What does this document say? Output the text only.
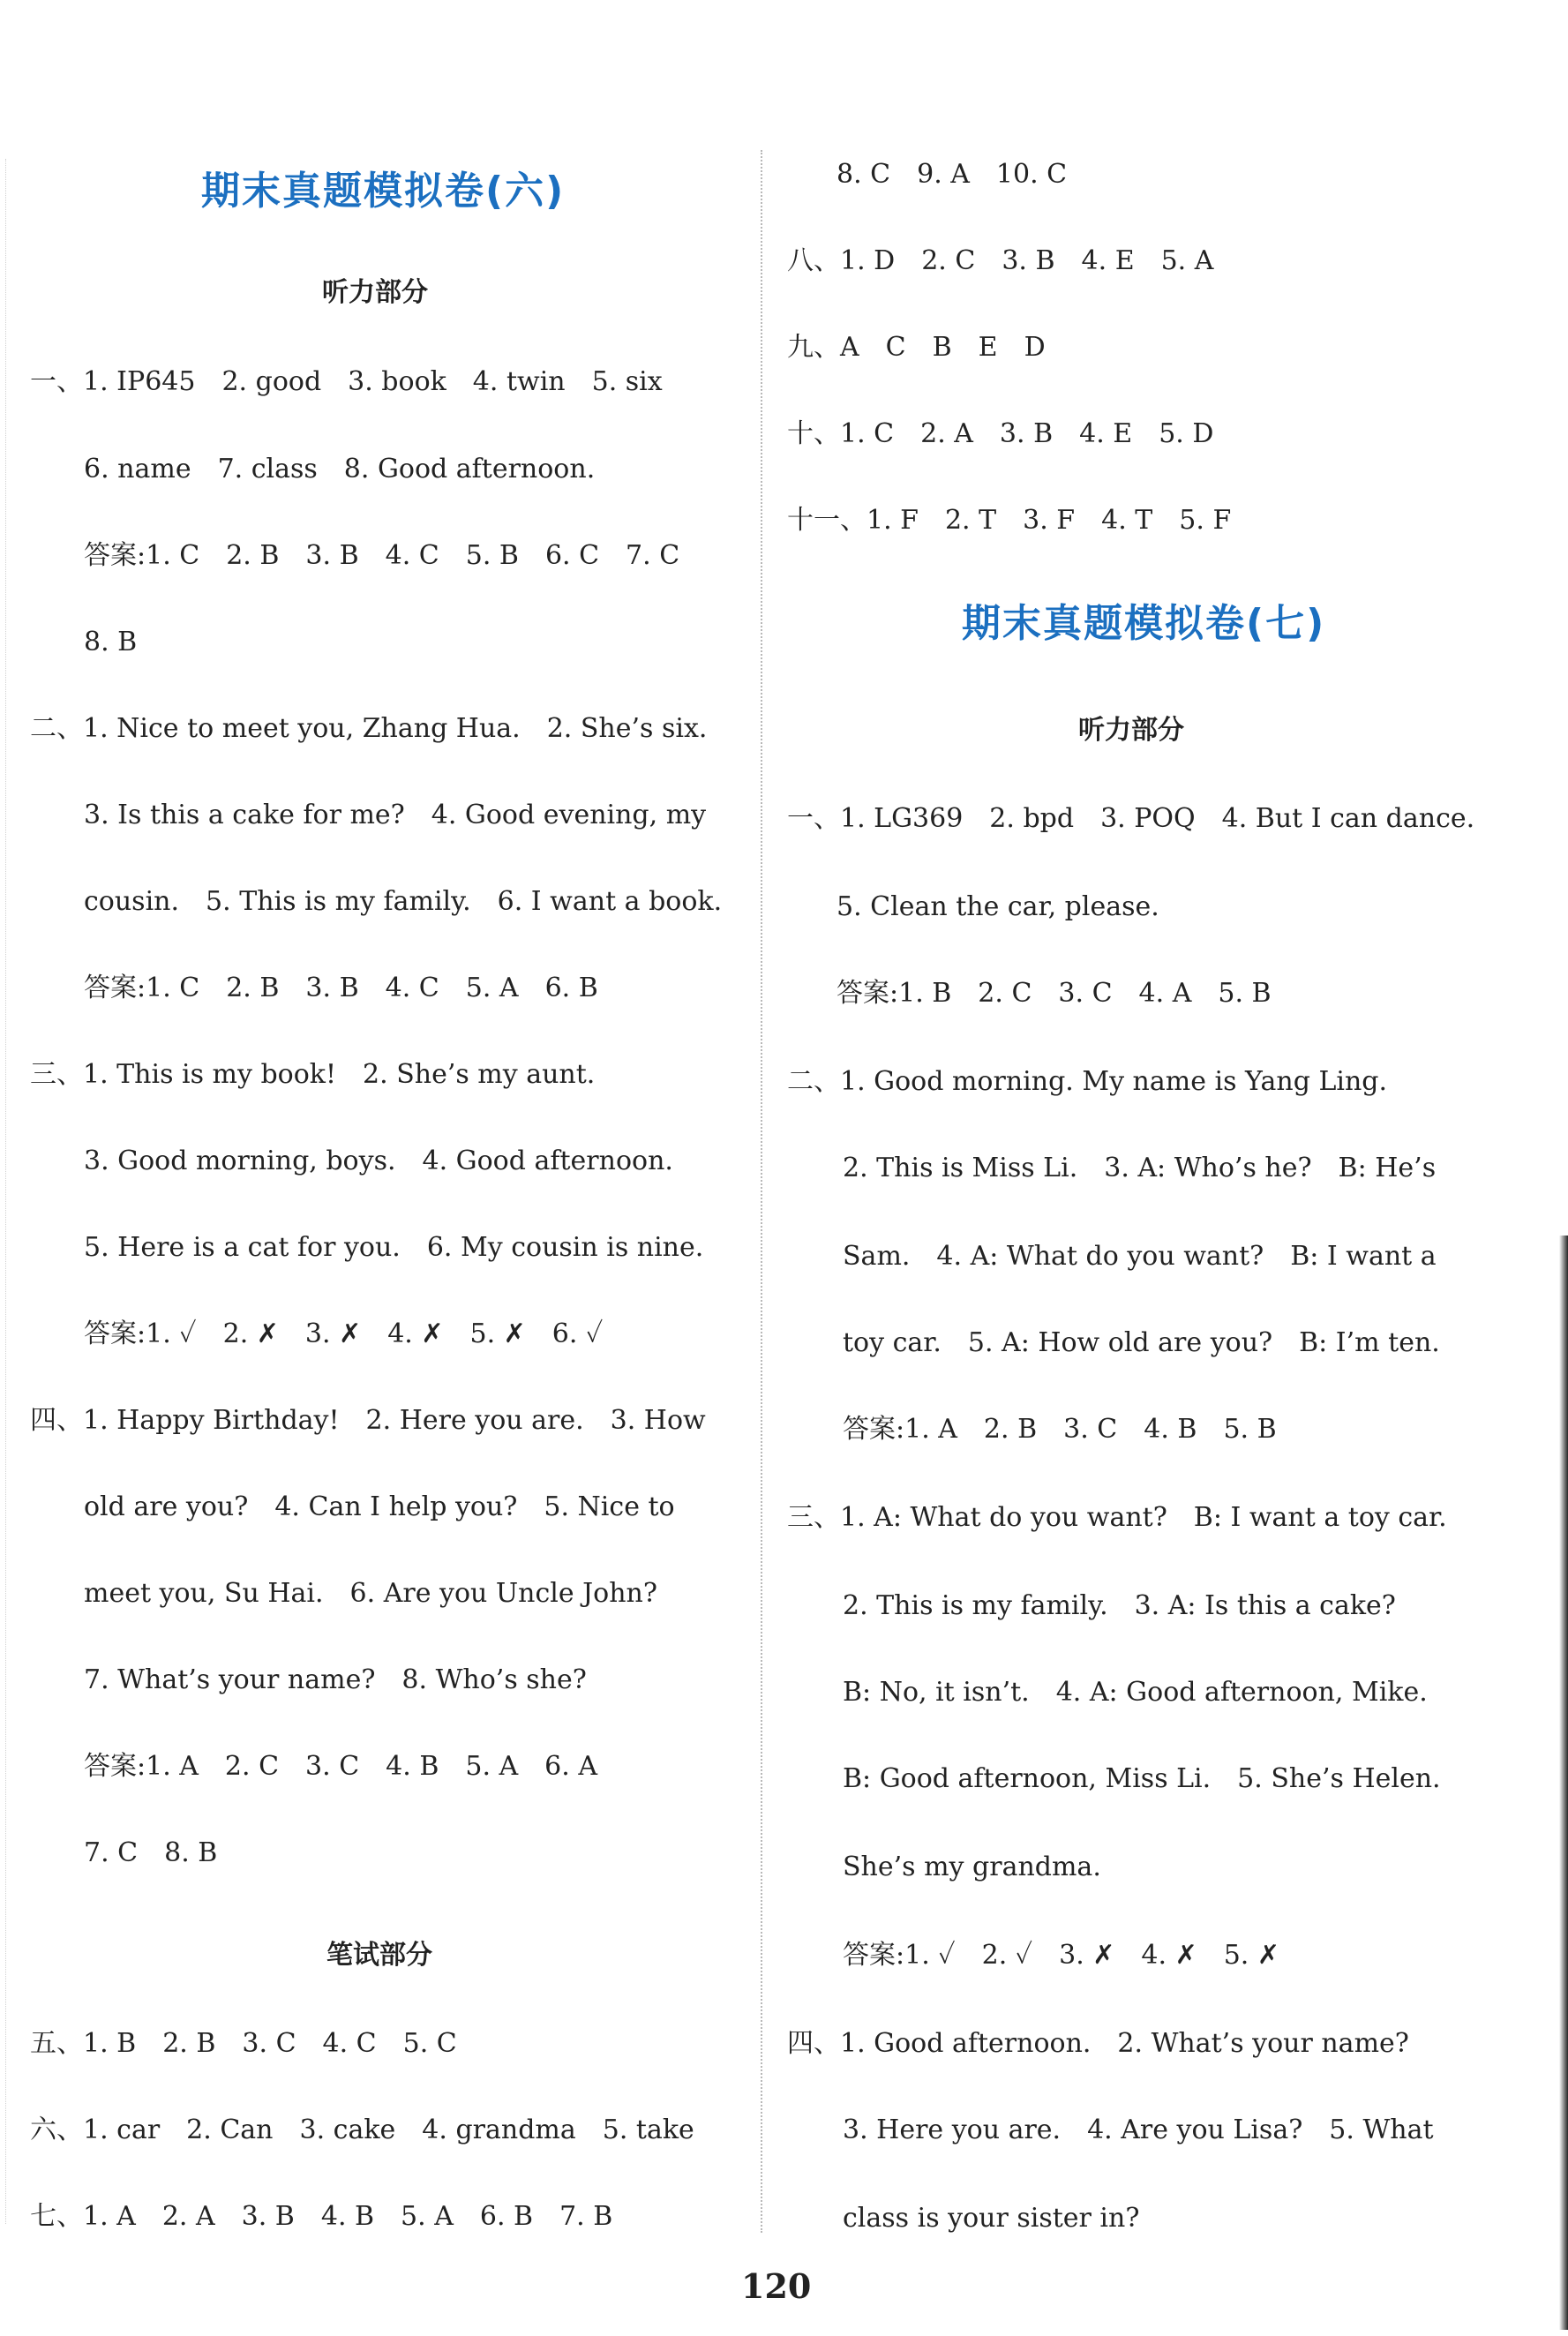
期末真题模拟卷(六)
听力部分
一、1. IP645　2. good　3. book　4. twin　5. six
6. name　7. class　8. Good afternoon.
答案:1. C　2. B　3. B　4. C　5. B　6. C　7. C
8. B
二、1. Nice to meet you, Zhang Hua.　2. She’s six.
3. Is this a cake for me?　4. Good evening, my
cousin.　5. This is my family.　6. I want a book.
答案:1. C　2. B　3. B　4. C　5. A　6. B
三、1. This is my book!　2. She’s my aunt.
3. Good morning, boys.　4. Good afternoon.
5. Here is a cat for you.　6. My cousin is nine.
答案:1. ✓　2. ✗　3. ✗　4. ✗　5. ✗　6. ✓
四、1. Happy Birthday!　2. Here you are.　3. How
old are you?　4. Can I help you?　5. Nice to
meet you, Su Hai.　6. Are you Uncle John?
7. What’s your name?　8. Who’s she?
答案:1. A　2. C　3. C　4. B　5. A　6. A
7. C　8. B
笔试部分
五、1. B　2. B　3. C　4. C　5. C
六、1. car　2. Can　3. cake　4. grandma　5. take
七、1. A　2. A　3. B　4. B　5. A　6. B　7. B
8. C　9. A　10. C
八、1. D　2. C　3. B　4. E　5. A
九、A　C　B　E　D
十、1. C　2. A　3. B　4. E　5. D
十一、1. F　2. T　3. F　4. T　5. F
期末真题模拟卷(七)
听力部分
一、1. LG369　2. bpd　3. POQ　4. But I can dance.
5. Clean the car, please.
答案:1. B　2. C　3. C　4. A　5. B
二、1. Good morning. My name is Yang Ling.
2. This is Miss Li.　3. A: Who’s he?　B: He’s
Sam.　4. A: What do you want?　B: I want a
toy car.　5. A: How old are you?　B: I’m ten.
答案:1. A　2. B　3. C　4. B　5. B
三、1. A: What do you want?　B: I want a toy car.
2. This is my family.　3. A: Is this a cake?
B: No, it isn’t.　4. A: Good afternoon, Mike.
B: Good afternoon, Miss Li.　5. She’s Helen.
She’s my grandma.
答案:1. ✓　2. ✓　3. ✗　4. ✗　5. ✗
四、1. Good afternoon.　2. What’s your name?
3. Here you are.　4. Are you Lisa?　5. What
class is your sister in?
120
